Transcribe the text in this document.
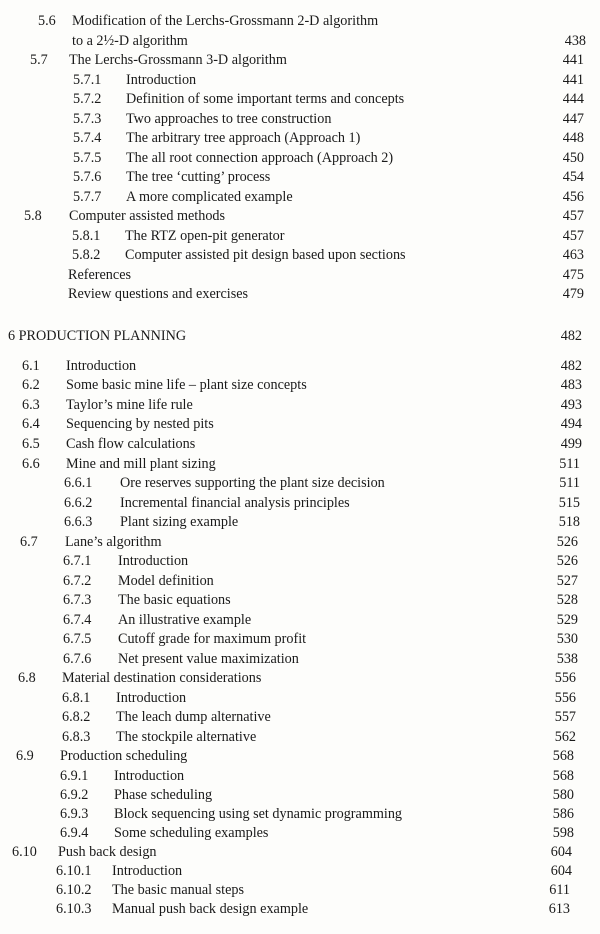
5.6 Modification of the Lerchs-Grossmann 2-D algorithm
to a 2½-D algorithm	438
5.7 The Lerchs-Grossmann 3-D algorithm	441
5.7.1 Introduction	441
5.7.2 Definition of some important terms and concepts	444
5.7.3 Two approaches to tree construction	447
5.7.4 The arbitrary tree approach (Approach 1)	448
5.7.5 The all root connection approach (Approach 2)	450
5.7.6 The tree ‘cutting’ process	454
5.7.7 A more complicated example	456
5.8 Computer assisted methods	457
5.8.1 The RTZ open-pit generator	457
5.8.2 Computer assisted pit design based upon sections	463
References	475
Review questions and exercises	479
6 PRODUCTION PLANNING	482
6.1 Introduction	482
6.2 Some basic mine life – plant size concepts	483
6.3 Taylor’s mine life rule	493
6.4 Sequencing by nested pits	494
6.5 Cash flow calculations	499
6.6 Mine and mill plant sizing	511
6.6.1 Ore reserves supporting the plant size decision	511
6.6.2 Incremental financial analysis principles	515
6.6.3 Plant sizing example	518
6.7 Lane’s algorithm	526
6.7.1 Introduction	526
6.7.2 Model definition	527
6.7.3 The basic equations	528
6.7.4 An illustrative example	529
6.7.5 Cutoff grade for maximum profit	530
6.7.6 Net present value maximization	538
6.8 Material destination considerations	556
6.8.1 Introduction	556
6.8.2 The leach dump alternative	557
6.8.3 The stockpile alternative	562
6.9 Production scheduling	568
6.9.1 Introduction	568
6.9.2 Phase scheduling	580
6.9.3 Block sequencing using set dynamic programming	586
6.9.4 Some scheduling examples	598
6.10 Push back design	604
6.10.1 Introduction	604
6.10.2 The basic manual steps	611
6.10.3 Manual push back design example	613
